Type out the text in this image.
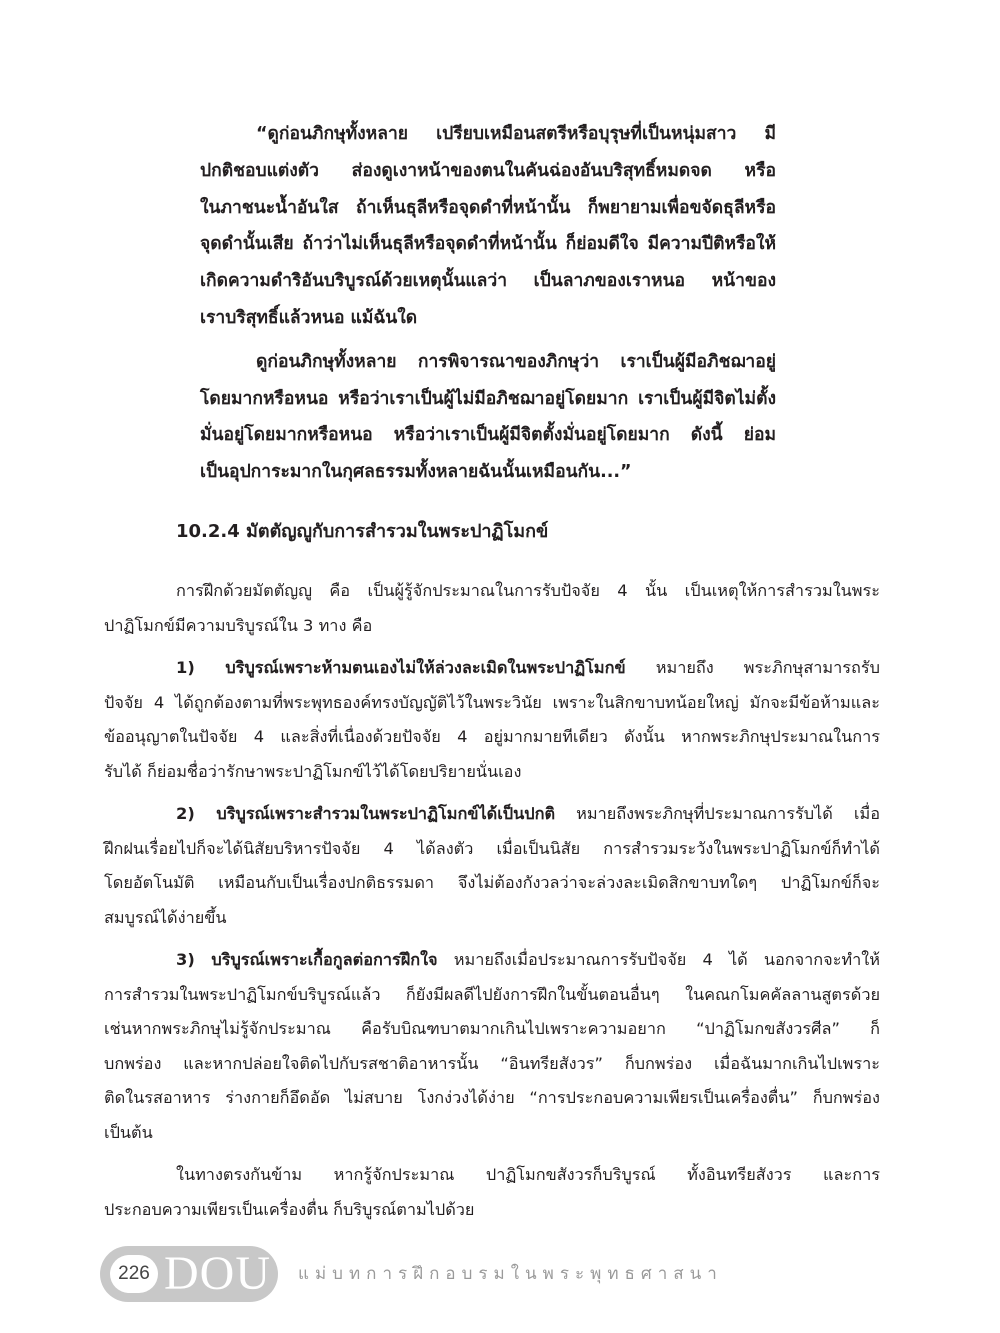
“ดูก่อนภิกษุทั้งหลาย เปรียบเหมือนสตรีหรือบุรุษที่เป็นหนุ่มสาว มี

ปกติชอบแต่งตัว ส่องดูเงาหน้าของตนในคันฉ่องอันบริสุทธิ์หมดจด หรือ

ในภาชนะน้ำอันใส ถ้าเห็นธุลีหรือจุดดำที่หน้านั้น ก็พยายามเพื่อขจัดธุลีหรือ

จุดดำนั้นเสีย ถ้าว่าไม่เห็นธุลีหรือจุดดำที่หน้านั้น ก็ย่อมดีใจ มีความปีติหรือให้

เกิดความดำริอันบริบูรณ์ด้วยเหตุนั้นแลว่า เป็นลาภของเราหนอ หน้าของ

เราบริสุทธิ์แล้วหนอ แม้ฉันใด

ดูก่อนภิกษุทั้งหลาย การพิจารณาของภิกษุว่า เราเป็นผู้มีอภิชฌาอยู่

โดยมากหรือหนอ หรือว่าเราเป็นผู้ไม่มีอภิชฌาอยู่โดยมาก เราเป็นผู้มีจิตไม่ตั้ง

มั่นอยู่โดยมากหรือหนอ หรือว่าเราเป็นผู้มีจิตตั้งมั่นอยู่โดยมาก ดังนี้ ย่อม

เป็นอุปการะมากในกุศลธรรมทั้งหลายฉันนั้นเหมือนกัน...”

10.2.4 มัตตัญญูกับการสำรวมในพระปาฏิโมกข์

การฝึกด้วยมัตตัญญู คือ เป็นผู้รู้จักประมาณในการรับปัจจัย 4 นั้น เป็นเหตุให้การสำรวมในพระ
ปาฏิโมกข์มีความบริบูรณ์ใน 3 ทาง คือ

1) บริบูรณ์เพราะห้ามตนเองไม่ให้ล่วงละเมิดในพระปาฏิโมกข์ หมายถึง พระภิกษุสามารถรับ
ปัจจัย 4 ได้ถูกต้องตามที่พระพุทธองค์ทรงบัญญัติไว้ในพระวินัย เพราะในสิกขาบทน้อยใหญ่ มักจะมีข้อห้ามและ
ข้ออนุญาตในปัจจัย 4 และสิ่งที่เนื่องด้วยปัจจัย 4 อยู่มากมายทีเดียว ดังนั้น หากพระภิกษุประมาณในการ
รับได้ ก็ย่อมชื่อว่ารักษาพระปาฏิโมกข์ไว้ได้โดยปริยายนั่นเอง

2) บริบูรณ์เพราะสำรวมในพระปาฏิโมกข์ได้เป็นปกติ หมายถึงพระภิกษุที่ประมาณการรับได้ เมื่อ
ฝึกฝนเรื่อยไปก็จะได้นิสัยบริหารปัจจัย 4 ได้ลงตัว เมื่อเป็นนิสัย การสำรวมระวังในพระปาฏิโมกข์ก็ทำได้
โดยอัตโนมัติ เหมือนกับเป็นเรื่องปกติธรรมดา จึงไม่ต้องกังวลว่าจะล่วงละเมิดสิกขาบทใดๆ ปาฏิโมกข์ก็จะ
สมบูรณ์ได้ง่ายขึ้น

3) บริบูรณ์เพราะเกื้อกูลต่อการฝึกใจ หมายถึงเมื่อประมาณการรับปัจจัย 4 ได้ นอกจากจะทำให้
การสำรวมในพระปาฏิโมกข์บริบูรณ์แล้ว ก็ยังมีผลดีไปยังการฝึกในขั้นตอนอื่นๆ ในคณกโมคคัลลานสูตรด้วย
เช่นหากพระภิกษุไม่รู้จักประมาณ คือรับบิณฑบาตมากเกินไปเพราะความอยาก “ปาฏิโมกขสังวรศีล” ก็
บกพร่อง และหากปล่อยใจติดไปกับรสชาติอาหารนั้น “อินทรียสังวร” ก็บกพร่อง เมื่อฉันมากเกินไปเพราะ
ติดในรสอาหาร ร่างกายก็อึดอัด ไม่สบาย โงกง่วงได้ง่าย “การประกอบความเพียรเป็นเครื่องตื่น” ก็บกพร่อง
เป็นต้น

ในทางตรงกันข้าม หากรู้จักประมาณ ปาฏิโมกขสังวรก็บริบูรณ์ ทั้งอินทรียสังวร และการ
ประกอบความเพียรเป็นเครื่องตื่น ก็บริบูรณ์ตามไปด้วย

226 DOU แม่บทการฝึกอบรมในพระพุทธศาสนา
